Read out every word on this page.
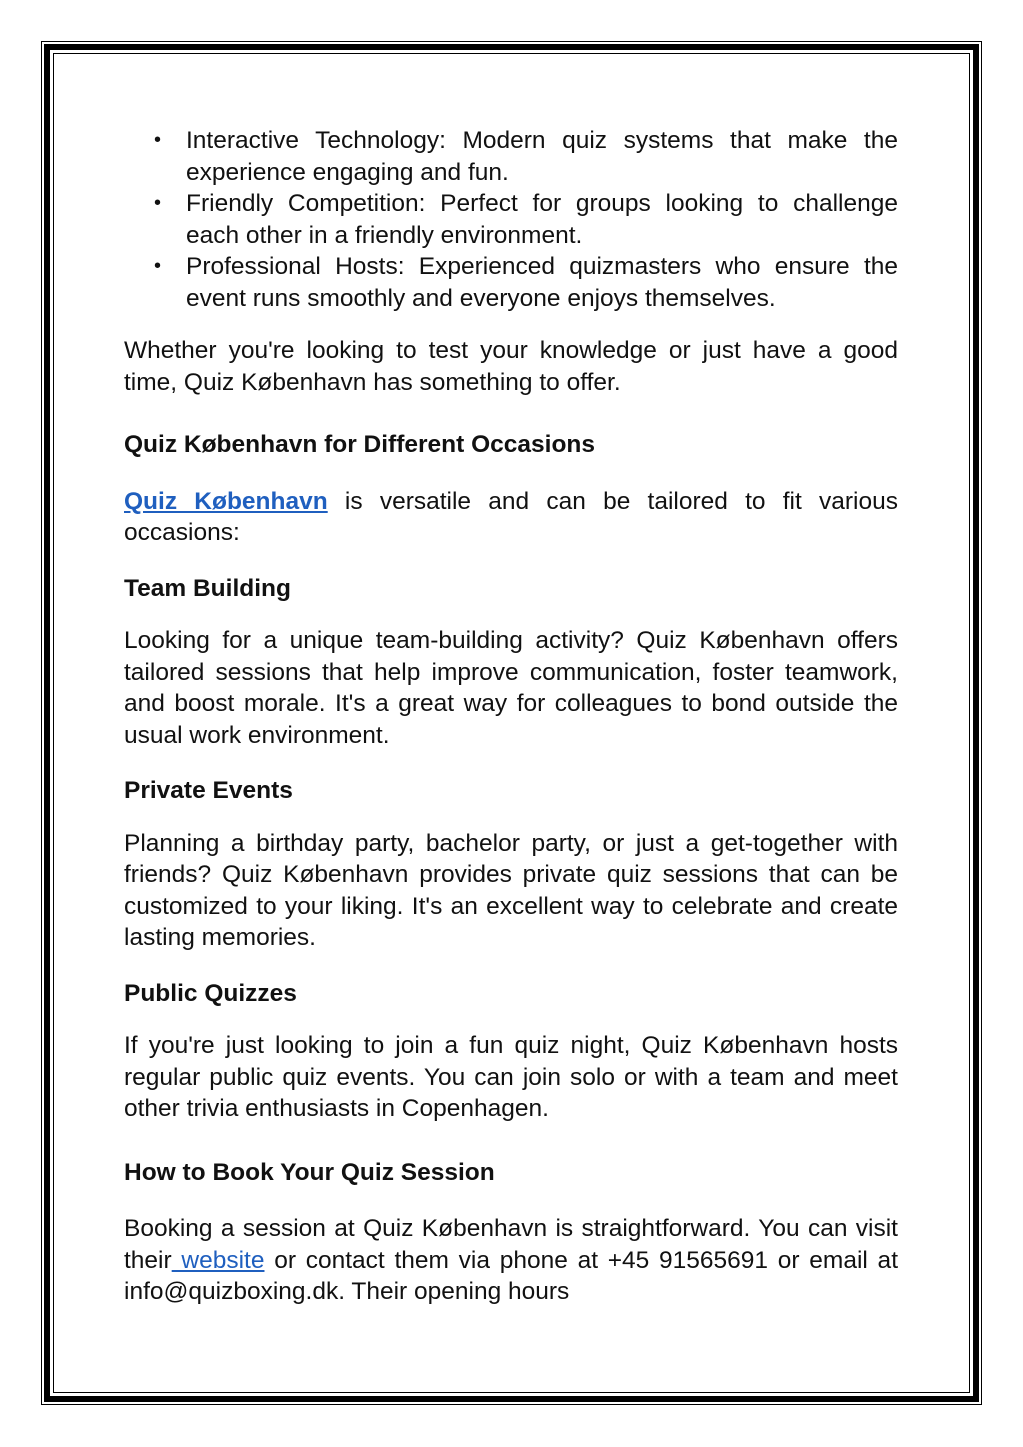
• Interactive Technology: Modern quiz systems that make the experience engaging and fun.
• Friendly Competition: Perfect for groups looking to challenge each other in a friendly environment.
• Professional Hosts: Experienced quizmasters who ensure the event runs smoothly and everyone enjoys themselves.

Whether you're looking to test your knowledge or just have a good time, Quiz København has something to offer.

Quiz København for Different Occasions

Quiz København is versatile and can be tailored to fit various occasions:

Team Building

Looking for a unique team-building activity? Quiz København offers tailored sessions that help improve communication, foster teamwork, and boost morale. It's a great way for colleagues to bond outside the usual work environment.

Private Events

Planning a birthday party, bachelor party, or just a get-together with friends? Quiz København provides private quiz sessions that can be customized to your liking. It's an excellent way to celebrate and create lasting memories.

Public Quizzes

If you're just looking to join a fun quiz night, Quiz København hosts regular public quiz events. You can join solo or with a team and meet other trivia enthusiasts in Copenhagen.

How to Book Your Quiz Session

Booking a session at Quiz København is straightforward. You can visit their website or contact them via phone at +45 91565691 or email at info@quizboxing.dk. Their opening hours
